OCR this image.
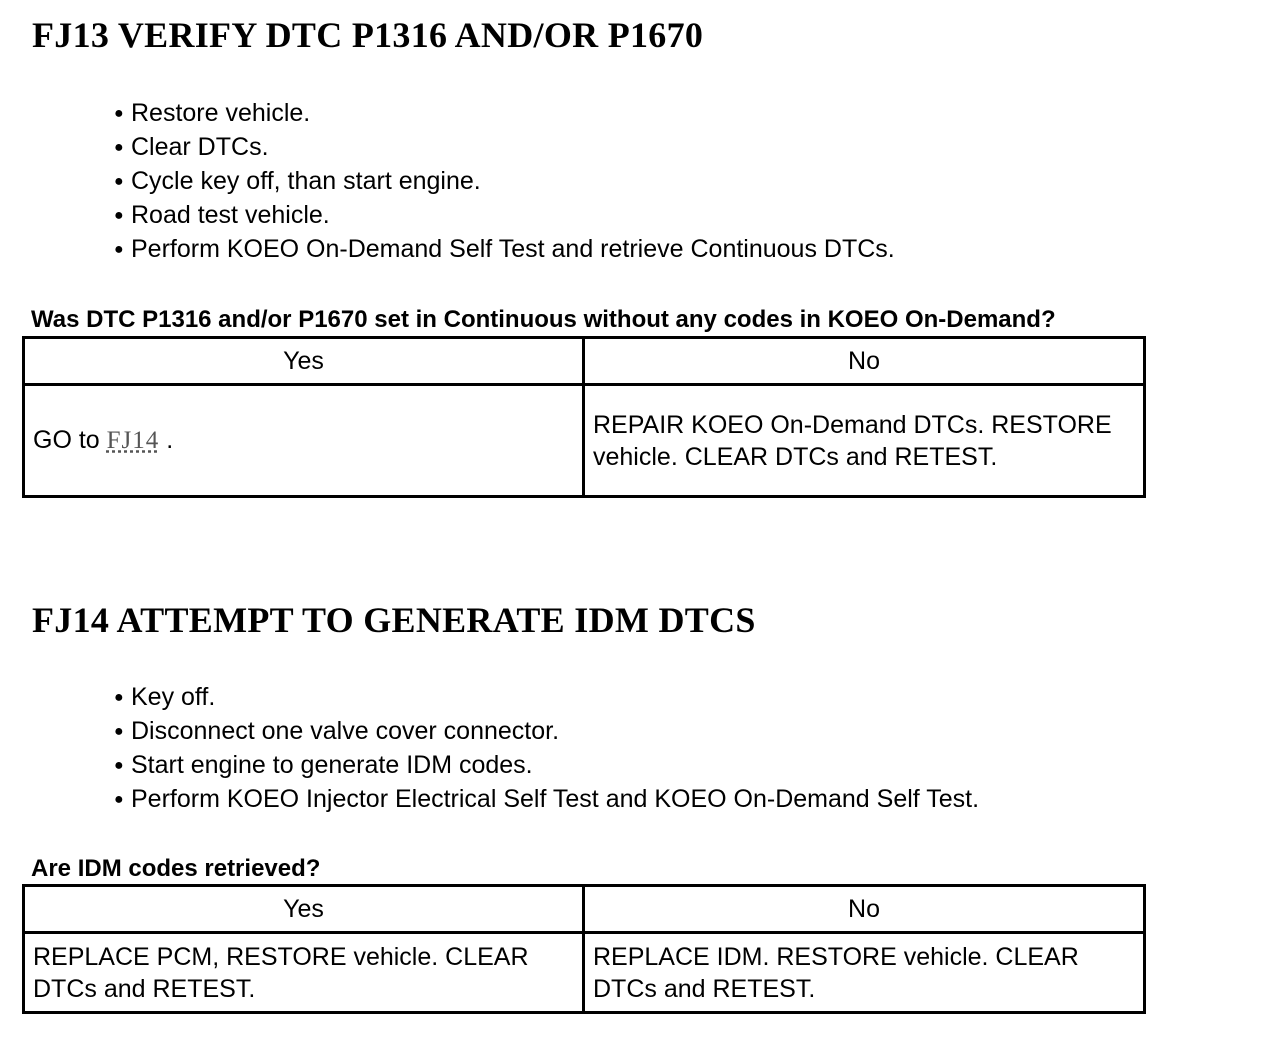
FJ13 VERIFY DTC P1316 AND/OR P1670
● Restore vehicle.
● Clear DTCs.
● Cycle key off, than start engine.
● Road test vehicle.
● Perform KOEO On-Demand Self Test and retrieve Continuous DTCs.

Was DTC P1316 and/or P1670 set in Continuous without any codes in KOEO On-Demand?

Yes	No
GO to FJ14 .	REPAIR KOEO On-Demand DTCs. RESTORE vehicle. CLEAR DTCs and RETEST.
FJ14 ATTEMPT TO GENERATE IDM DTCS
● Key off.
● Disconnect one valve cover connector.
● Start engine to generate IDM codes.
● Perform KOEO Injector Electrical Self Test and KOEO On-Demand Self Test.

Are IDM codes retrieved?

Yes	No
REPLACE PCM, RESTORE vehicle. CLEAR DTCs and RETEST.	REPLACE IDM. RESTORE vehicle. CLEAR DTCs and RETEST.
